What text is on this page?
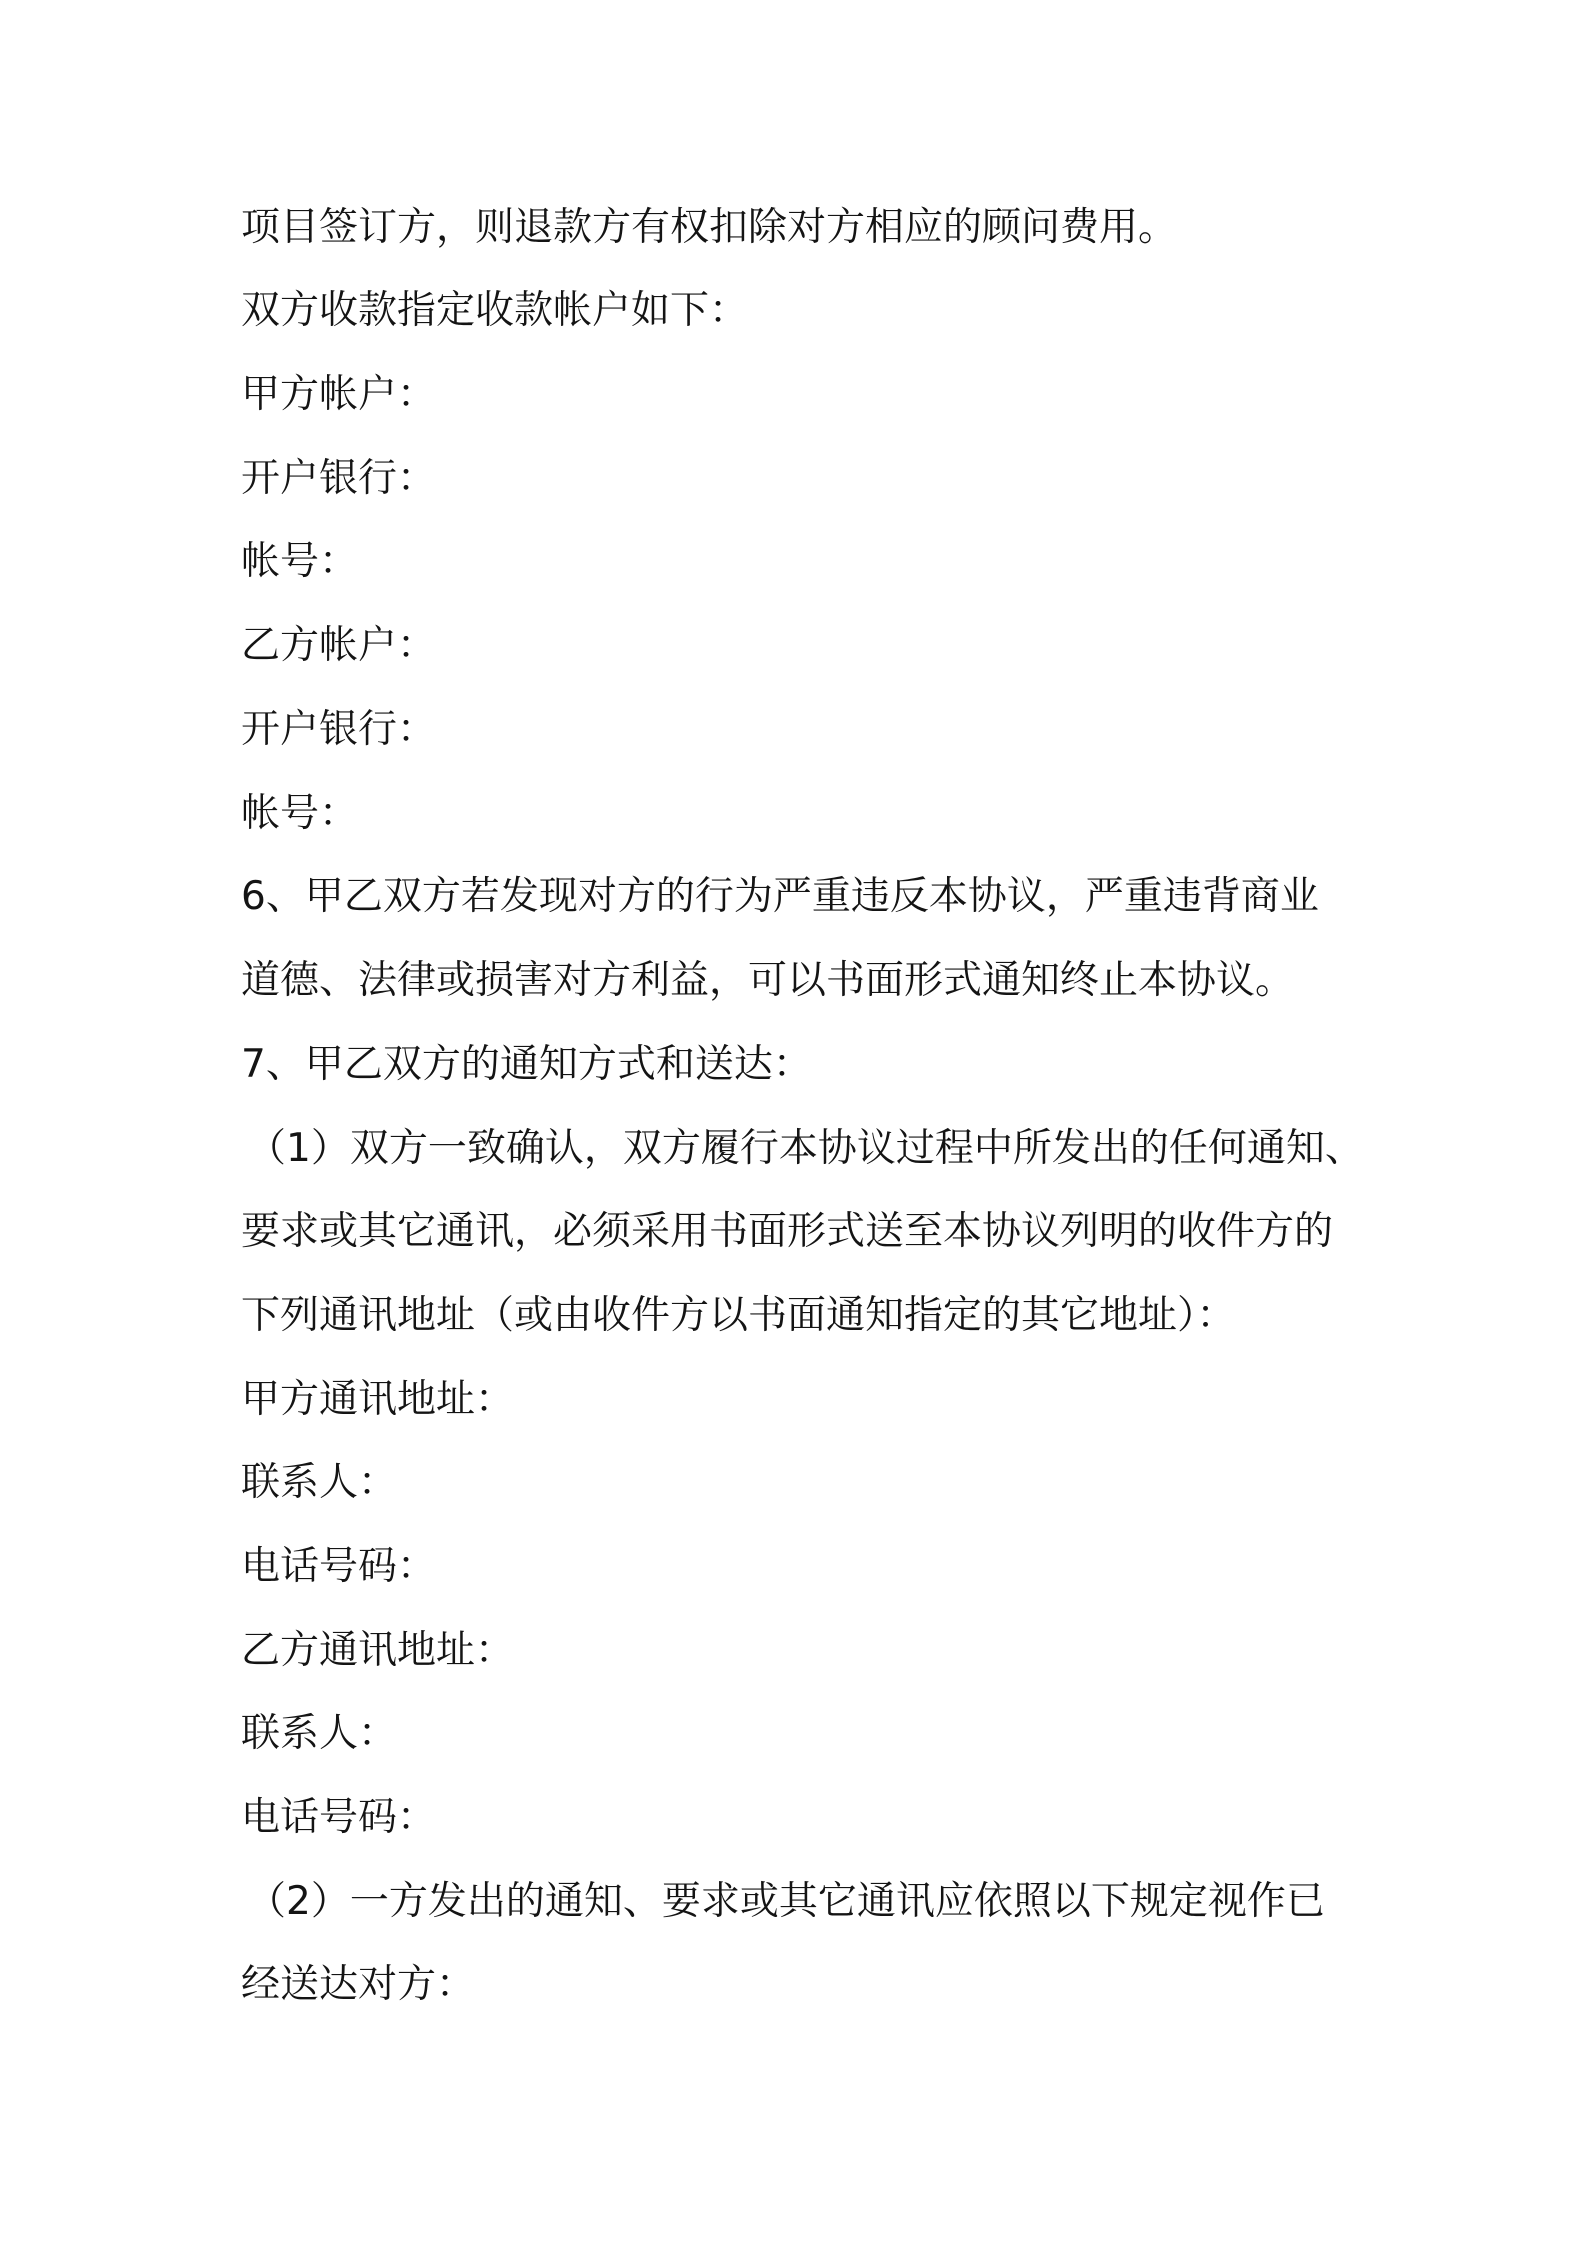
项目签订方，则退款方有权扣除对方相应的顾问费用。

双方收款指定收款帐户如下：

甲方帐户：

开户银行：

帐号：

乙方帐户：

开户银行：

帐号：

6、甲乙双方若发现对方的行为严重违反本协议，严重违背商业

道德、法律或损害对方利益，可以书面形式通知终止本协议。

7、甲乙双方的通知方式和送达：

（1）双方一致确认，双方履行本协议过程中所发出的任何通知、

要求或其它通讯，必须采用书面形式送至本协议列明的收件方的

下列通讯地址（或由收件方以书面通知指定的其它地址）：

甲方通讯地址：

联系人：

电话号码：

乙方通讯地址：

联系人：

电话号码：

（2）一方发出的通知、要求或其它通讯应依照以下规定视作已

经送达对方：
